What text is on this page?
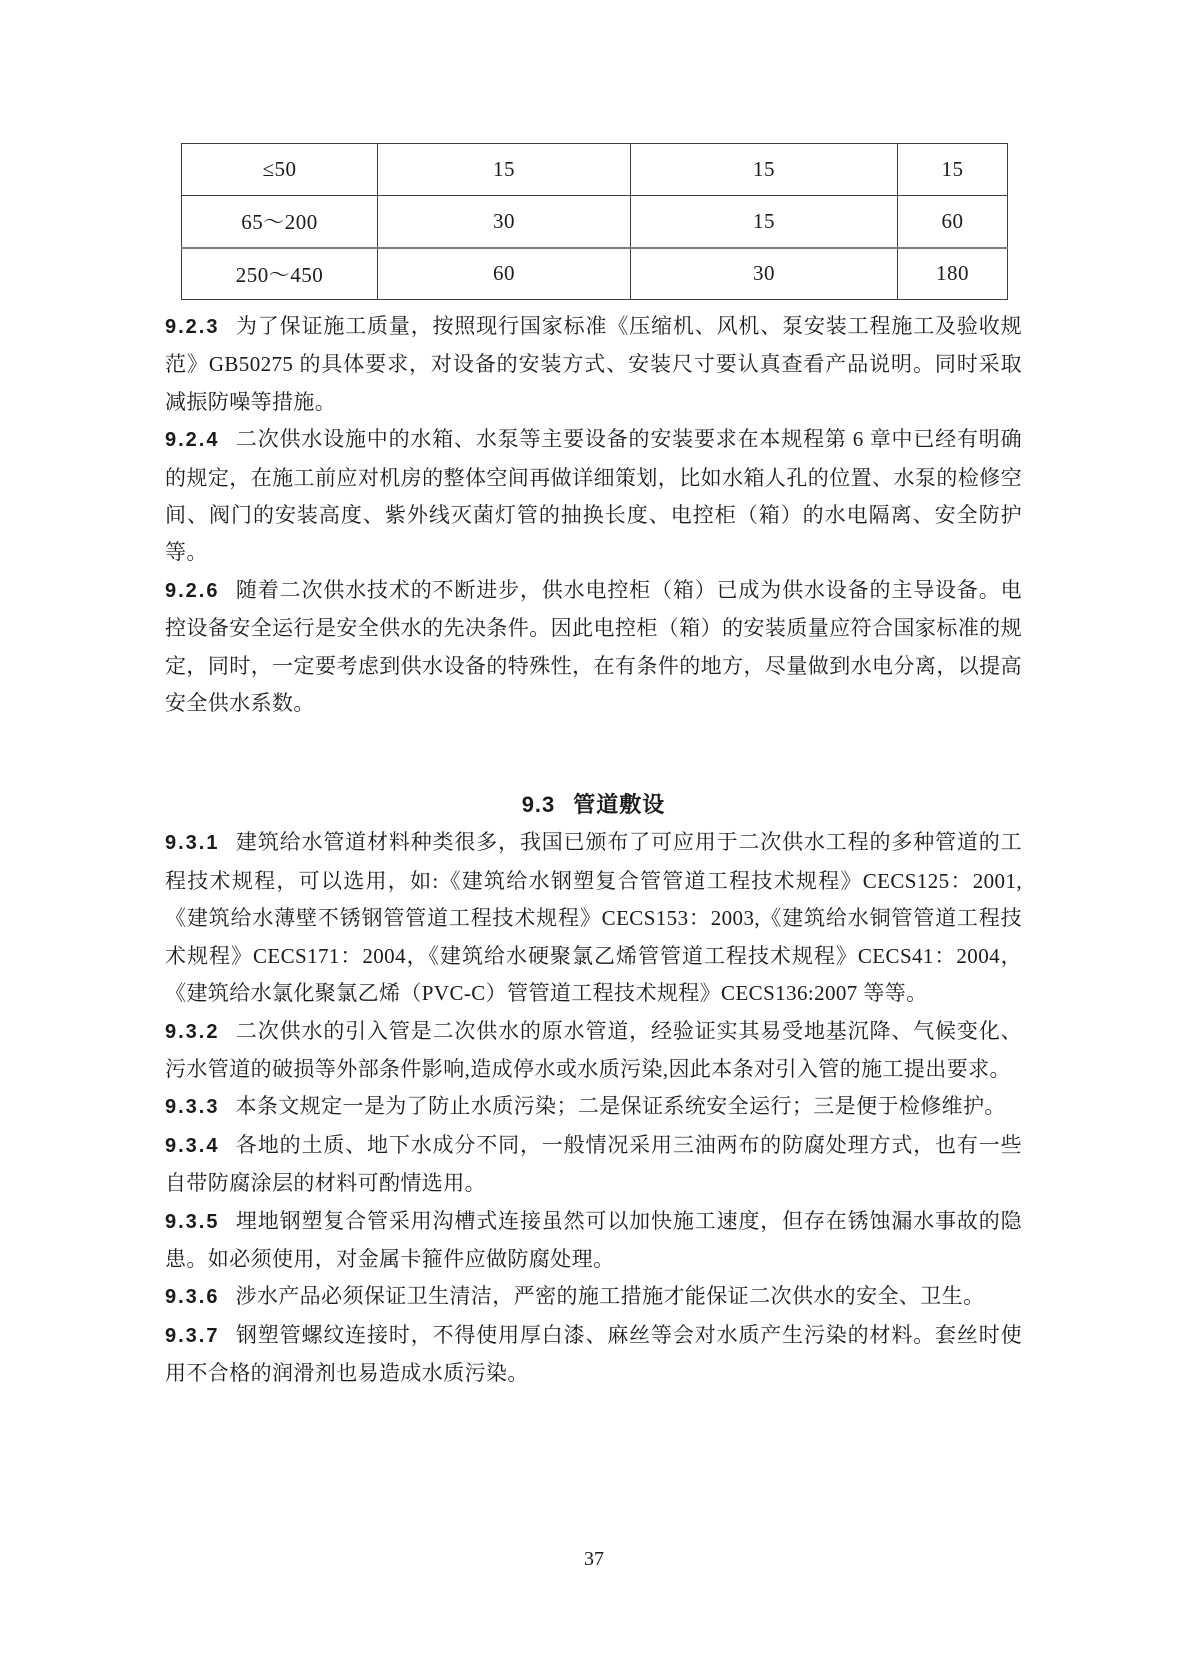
≤50	15	15	15
65～200	30	15	60
250～450	60	30	180

9.2.3 为了保证施工质量，按照现行国家标准《压缩机、风机、泵安装工程施工及验收规范》GB50275 的具体要求，对设备的安装方式、安装尺寸要认真查看产品说明。同时采取减振防噪等措施。

9.2.4 二次供水设施中的水箱、水泵等主要设备的安装要求在本规程第 6 章中已经有明确的规定，在施工前应对机房的整体空间再做详细策划，比如水箱人孔的位置、水泵的检修空间、阀门的安装高度、紫外线灭菌灯管的抽换长度、电控柜（箱）的水电隔离、安全防护等。

9.2.6 随着二次供水技术的不断进步，供水电控柜（箱）已成为供水设备的主导设备。电控设备安全运行是安全供水的先决条件。因此电控柜（箱）的安装质量应符合国家标准的规定，同时，一定要考虑到供水设备的特殊性，在有条件的地方，尽量做到水电分离，以提高安全供水系数。

9.3 管道敷设

9.3.1 建筑给水管道材料种类很多，我国已颁布了可应用于二次供水工程的多种管道的工程技术规程，可以选用，如:《建筑给水钢塑复合管管道工程技术规程》CECS125：2001,《建筑给水薄壁不锈钢管管道工程技术规程》CECS153：2003,《建筑给水铜管管道工程技术规程》CECS171：2004，《建筑给水硬聚氯乙烯管管道工程技术规程》CECS41：2004，《建筑给水氯化聚氯乙烯（PVC-C）管管道工程技术规程》CECS136:2007 等等。

9.3.2 二次供水的引入管是二次供水的原水管道，经验证实其易受地基沉降、气候变化、污水管道的破损等外部条件影响,造成停水或水质污染,因此本条对引入管的施工提出要求。

9.3.3 本条文规定一是为了防止水质污染；二是保证系统安全运行；三是便于检修维护。

9.3.4 各地的土质、地下水成分不同，一般情况采用三油两布的防腐处理方式，也有一些自带防腐涂层的材料可酌情选用。

9.3.5 埋地钢塑复合管采用沟槽式连接虽然可以加快施工速度，但存在锈蚀漏水事故的隐患。如必须使用，对金属卡箍件应做防腐处理。

9.3.6 涉水产品必须保证卫生清洁，严密的施工措施才能保证二次供水的安全、卫生。

9.3.7 钢塑管螺纹连接时，不得使用厚白漆、麻丝等会对水质产生污染的材料。套丝时使用不合格的润滑剂也易造成水质污染。

37
